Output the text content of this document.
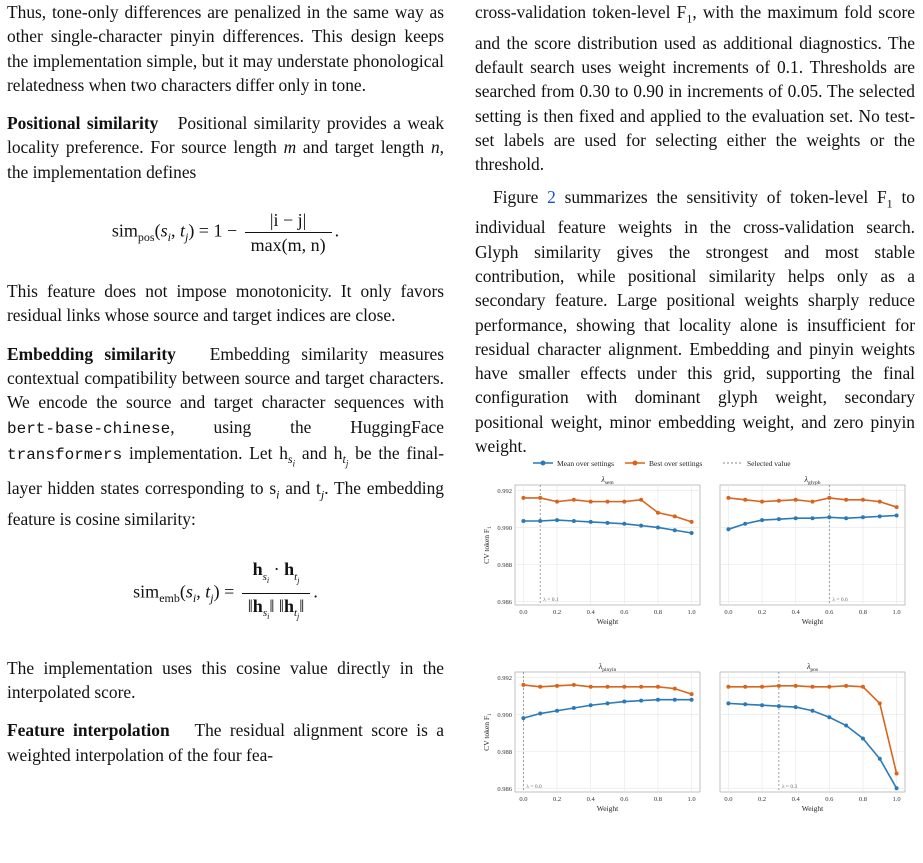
Thus, tone-only differences are penalized in the same way as other single-character pinyin differences. This design keeps the implementation simple, but it may understate phonological relatedness when two characters differ only in tone.

Positional similarity Positional similarity provides a weak locality preference. For source length m and target length n, the implementation defines

$sim_{pos}(s_i$, $t_j) = 1 - \frac{|i - j|}{\max(m, n)}$ .

This feature does not impose monotonicity. It only favors residual links whose source and target indices are close.

Embedding similarity Embedding similarity measures contextual compatibility between source and target characters. We encode the source and target character sequences with bert-base-chinese, using the HuggingFace transformers implementation. Let $h_{s_i}$ and $h_{t_j}$ be the final-layer hidden states corresponding to $s_i$ and $t_j$. The embedding feature is cosine similarity:

$sim_{emb}(s_i$, $t_j) = \frac{h_{s_i} \cdot h_{t_j}}{‖h_{s_i}‖ ‖h_{t_j}‖}$ .

The implementation uses this cosine value directly in the interpolated score.

Feature interpolation The residual alignment score is a weighted interpolation of the four fea-

cross-validation token-level $F_1$, with the maximum fold score and the score distribution used as additional diagnostics. The default search uses weight increments of 0.1. Thresholds are searched from 0.30 to 0.90 in increments of 0.05. The selected setting is then fixed and applied to the evaluation set. No test-set labels are used for selecting either the weights or the threshold.

Figure 2 summarizes the sensitivity of token-level $F_1$ to individual feature weights in the cross-validation search. Glyph similarity gives the strongest and most stable contribution, while positional similarity helps only as a secondary feature. Large positional weights sharply reduce performance, showing that locality alone is insufficient for residual character alignment. Embedding and pinyin weights have smaller effects under this grid, supporting the final configuration with dominant glyph weight, secondary positional weight, minor embedding weight, and zero pinyin weight.

Mean over settings	Best over settings	Selected value
0.0	0.2	0.4	0.6	0.8	1.0
0.986
0.988
0.990
0.992
Weight
CV token $F_1$
$\lambda_{sem}$
λ = 0.1
0.0	0.2	0.4	0.6	0.8	1.0
Weight
$\lambda_{glyph}$
λ = 0.6
0.0	0.2	0.4	0.6	0.8	1.0
0.986
0.988
0.990
0.992
Weight
CV token $F_1$
$\lambda_{pinyin}$
λ = 0.0
0.0	0.2	0.4	0.6	0.8	1.0
Weight
$\lambda_{pos}$
λ = 0.3
